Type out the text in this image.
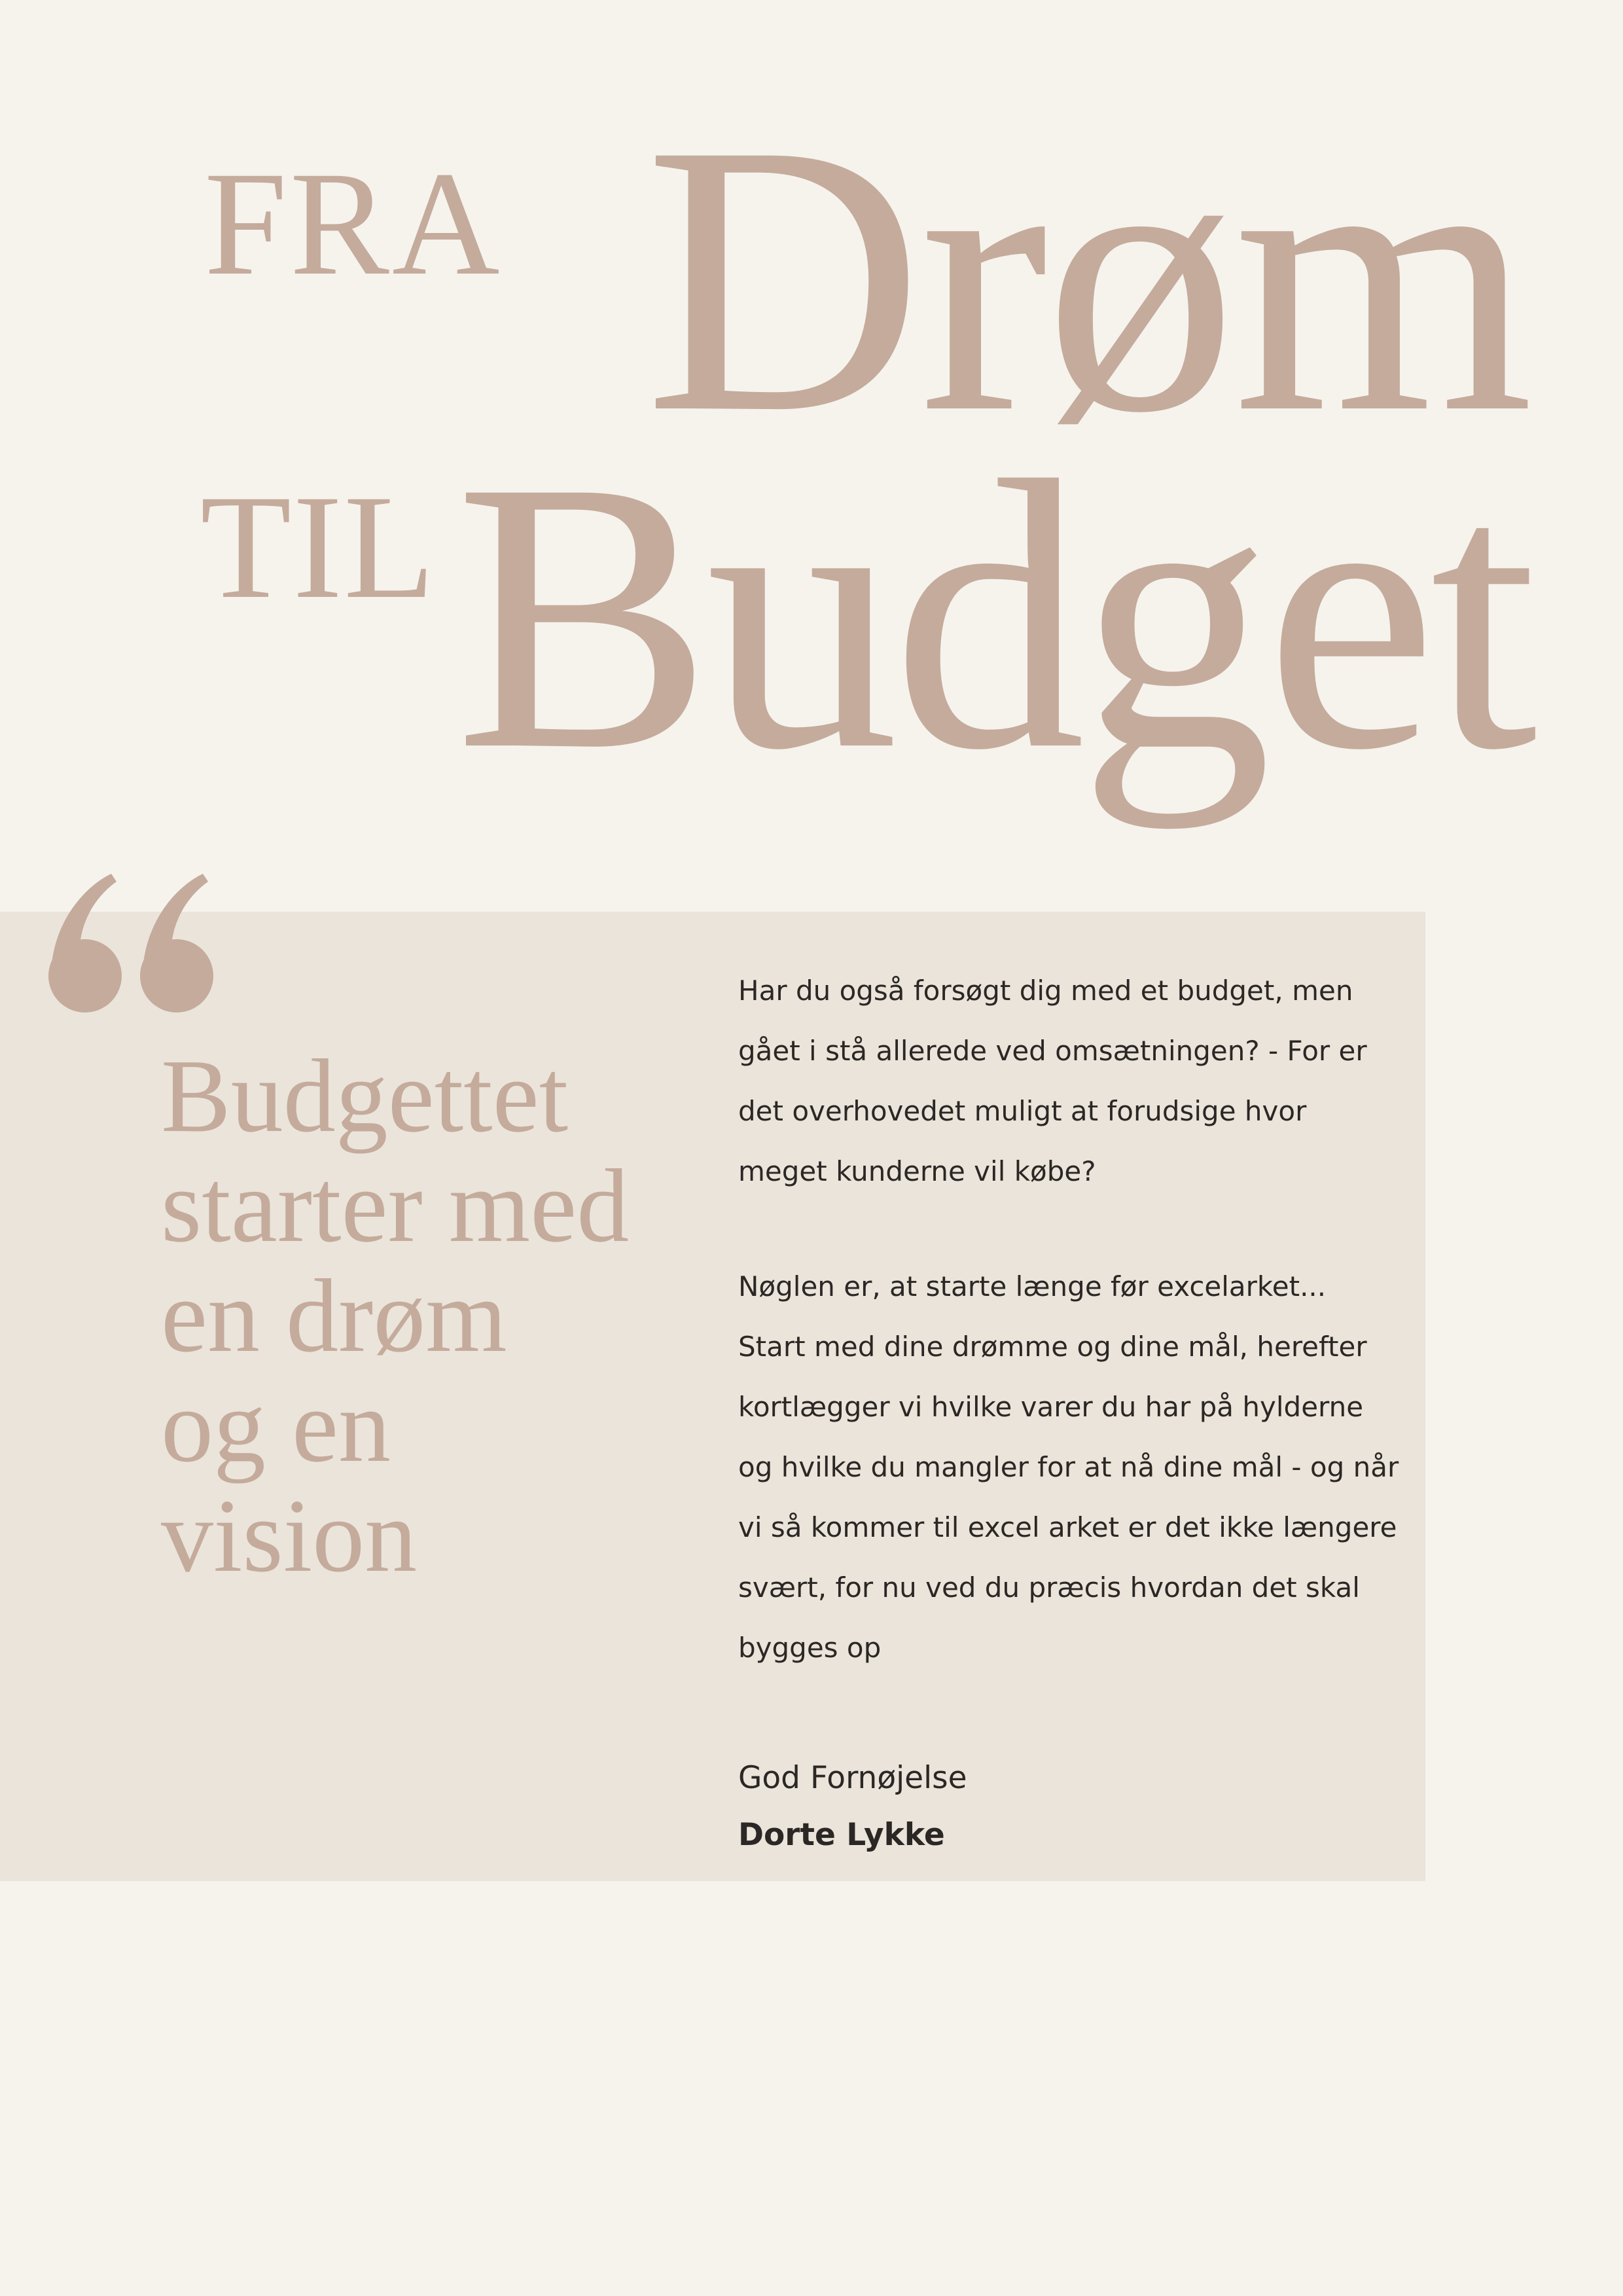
FRA Drøm
TIL Budget

Budgettet starter med en drøm og en vision

Har du også forsøgt dig med et budget, men gået i stå allerede ved omsætningen? - For er det overhovedet muligt at forudsige hvor meget kunderne vil købe?

Nøglen er, at starte længe før excelarket... Start med dine drømme og dine mål, herefter kortlægger vi hvilke varer du har på hylderne og hvilke du mangler for at nå dine mål - og når vi så kommer til excel arket er det ikke længere svært, for nu ved du præcis hvordan det skal bygges op

God Fornøjelse

Dorte Lykke
